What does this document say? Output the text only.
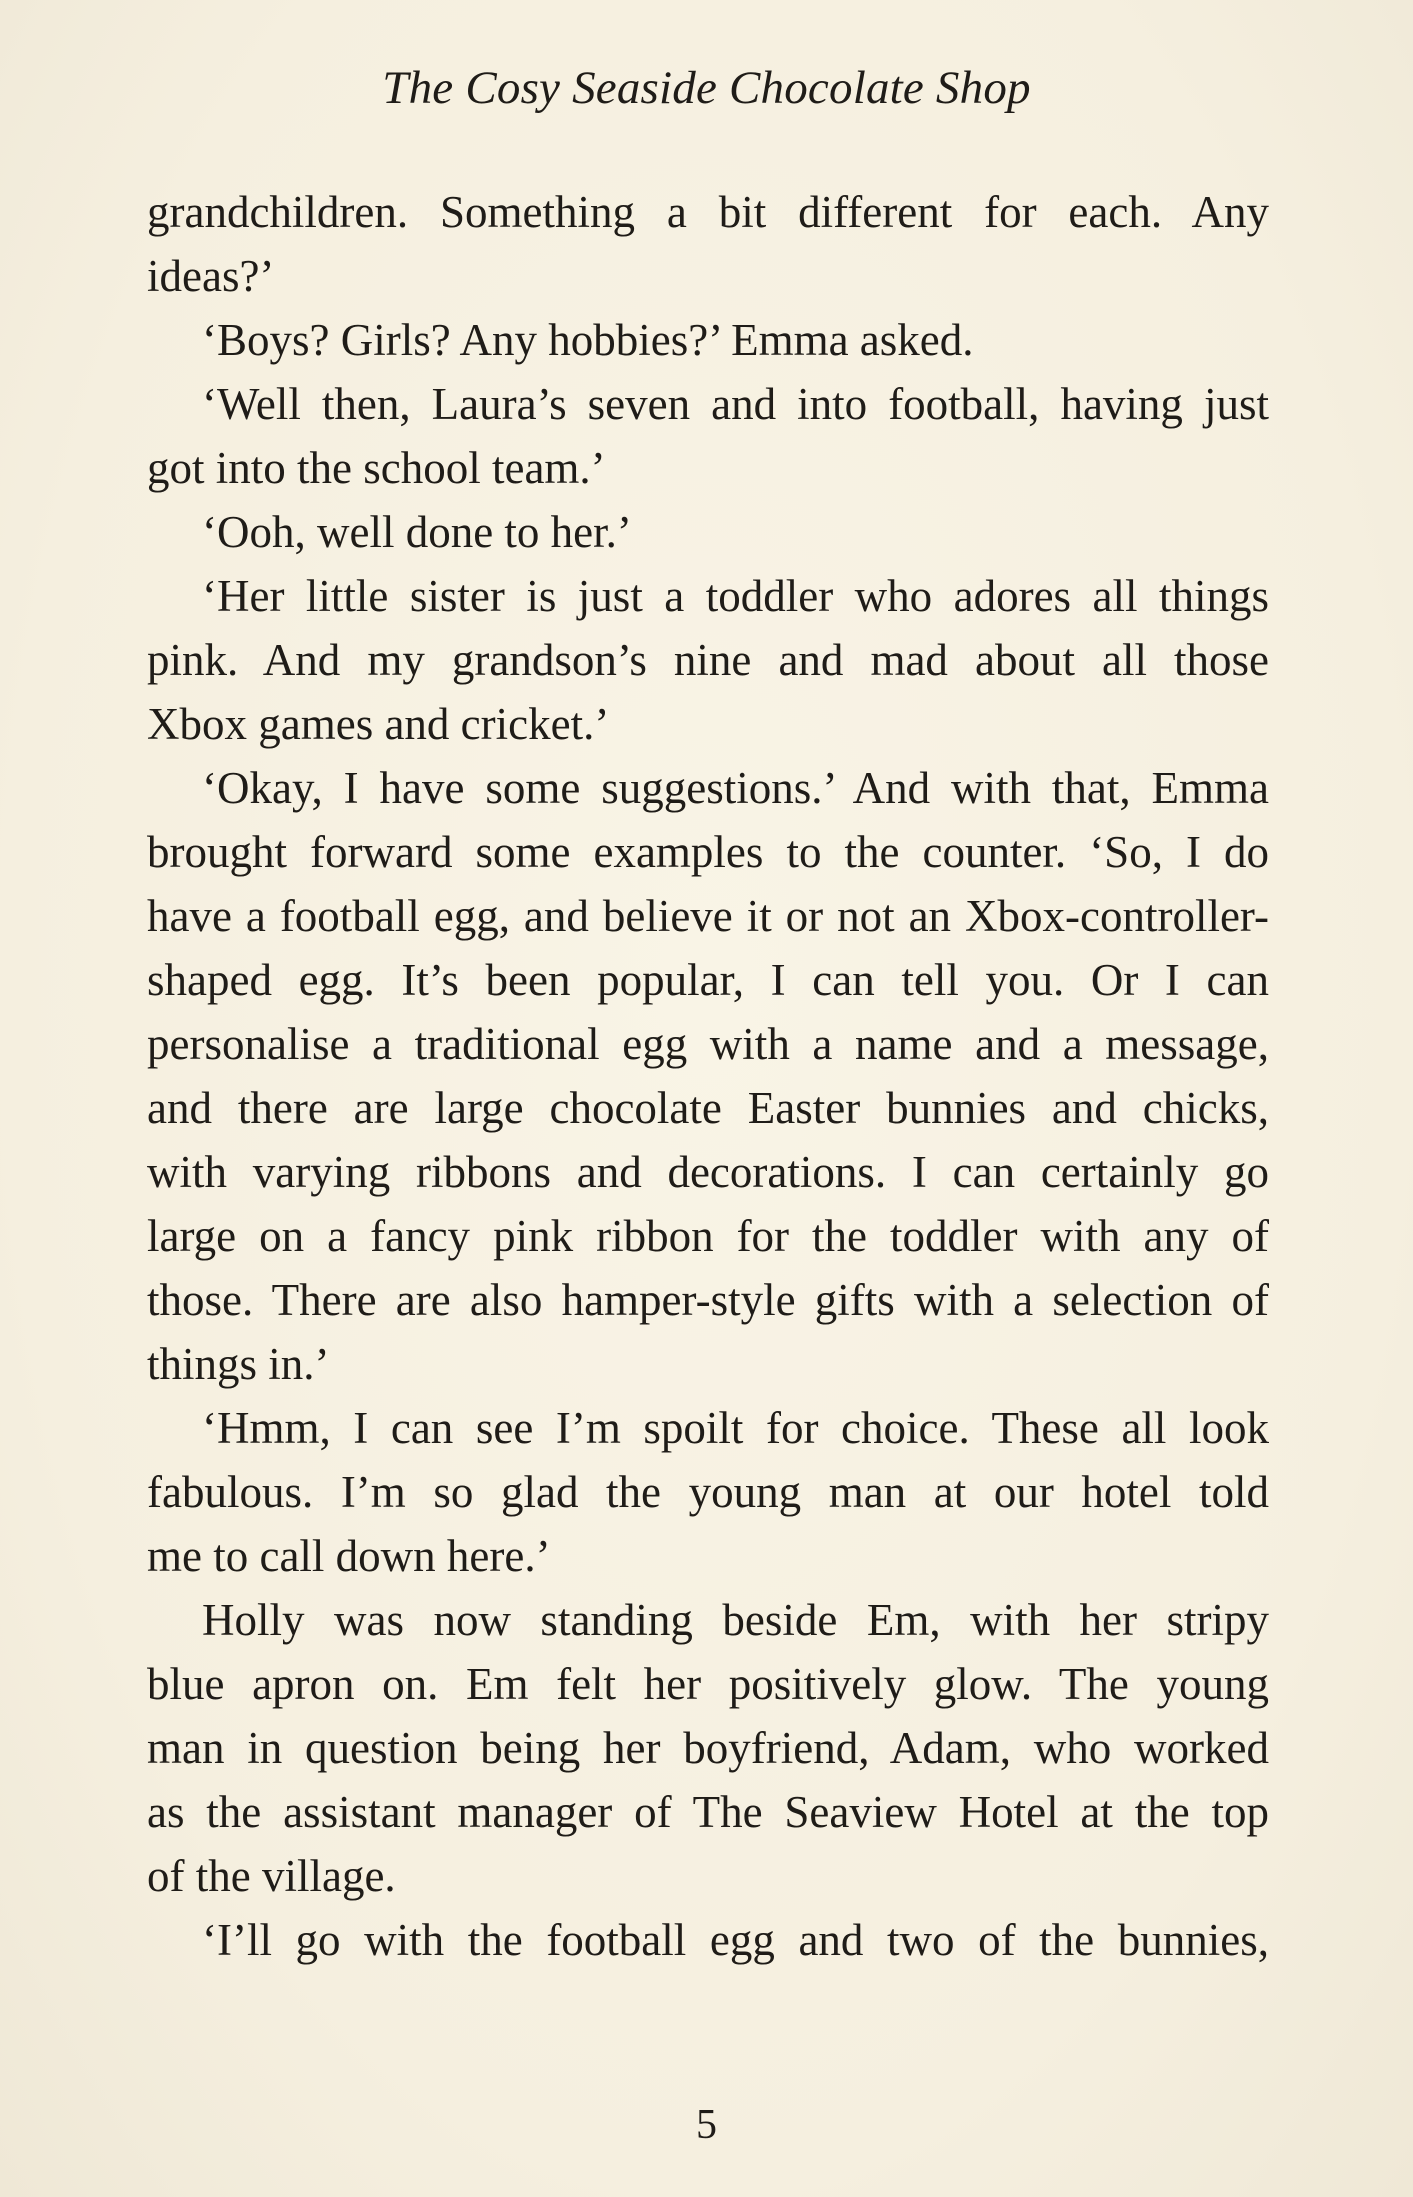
The Cosy Seaside Chocolate Shop
grandchildren. Something a bit different for each. Any
ideas?’
‘Boys? Girls? Any hobbies?’ Emma asked.
‘Well then, Laura’s seven and into football, having just
got into the school team.’
‘Ooh, well done to her.’
‘Her little sister is just a toddler who adores all things
pink. And my grandson’s nine and mad about all those
Xbox games and cricket.’
‘Okay, I have some suggestions.’ And with that, Emma
brought forward some examples to the counter. ‘So, I do
have a football egg, and believe it or not an Xbox-controller-
shaped egg. It’s been popular, I can tell you. Or I can
personalise a traditional egg with a name and a message,
and there are large chocolate Easter bunnies and chicks,
with varying ribbons and decorations. I can certainly go
large on a fancy pink ribbon for the toddler with any of
those. There are also hamper-style gifts with a selection of
things in.’
‘Hmm, I can see I’m spoilt for choice. These all look
fabulous. I’m so glad the young man at our hotel told
me to call down here.’
Holly was now standing beside Em, with her stripy
blue apron on. Em felt her positively glow. The young
man in question being her boyfriend, Adam, who worked
as the assistant manager of The Seaview Hotel at the top
of the village.
‘I’ll go with the football egg and two of the bunnies,
5
